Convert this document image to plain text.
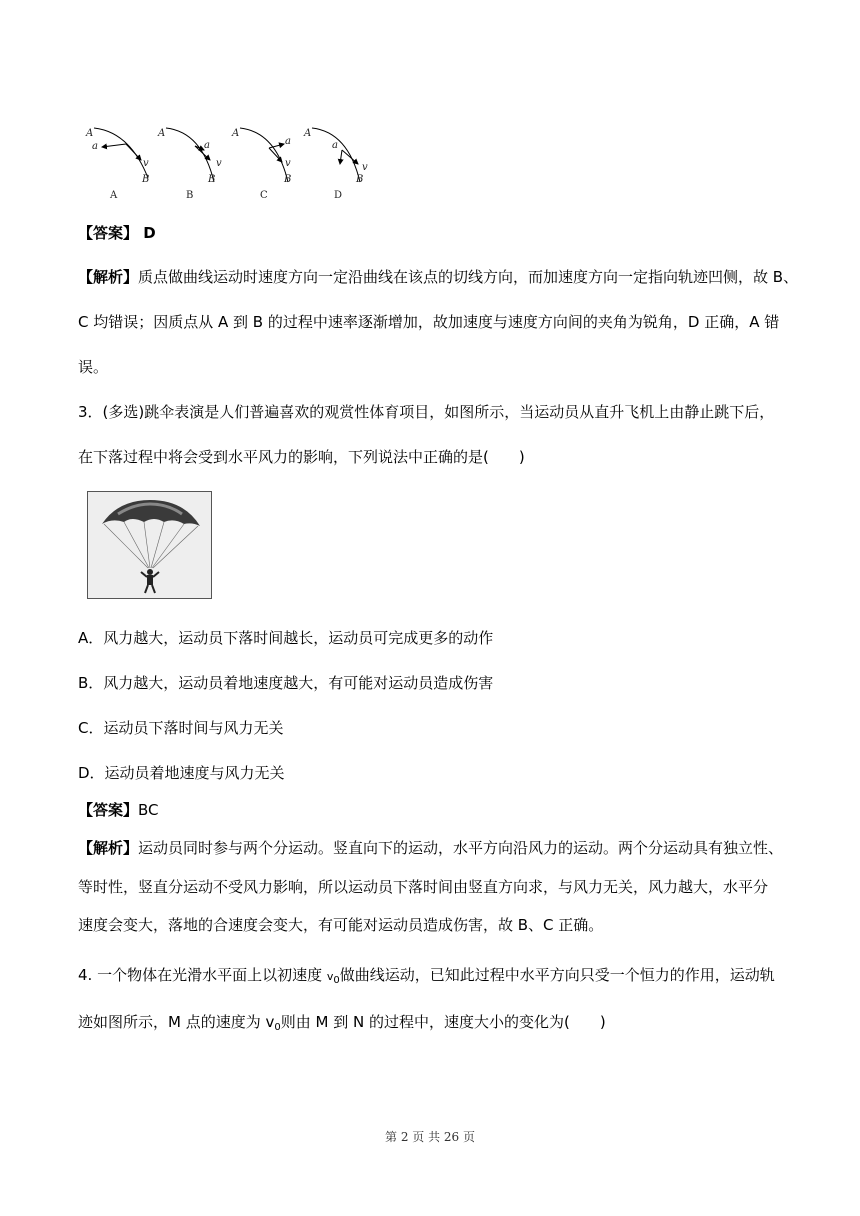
A
a
v
B
A
A
a
v
B
B
A
a
v
B
C
A
a
v
B
D
【答案】 D
【解析】质点做曲线运动时速度方向一定沿曲线在该点的切线方向，而加速度方向一定指向轨迹凹侧，故 B、
C 均错误；因质点从 A 到 B 的过程中速率逐渐增加，故加速度与速度方向间的夹角为锐角，D 正确，A 错
误。
3．(多选)跳伞表演是人们普遍喜欢的观赏性体育项目，如图所示，当运动员从直升飞机上由静止跳下后，
在下落过程中将会受到水平风力的影响，下列说法中正确的是(　　)
A．风力越大，运动员下落时间越长，运动员可完成更多的动作
B．风力越大，运动员着地速度越大，有可能对运动员造成伤害
C．运动员下落时间与风力无关
D．运动员着地速度与风力无关
【答案】BC
【解析】运动员同时参与两个分运动。竖直向下的运动，水平方向沿风力的运动。两个分运动具有独立性、
等时性，竖直分运动不受风力影响，所以运动员下落时间由竖直方向求，与风力无关，风力越大，水平分
速度会变大，落地的合速度会变大，有可能对运动员造成伤害，故 B、C 正确。
4. 一个物体在光滑水平面上以初速度 $v_0$做曲线运动，已知此过程中水平方向只受一个恒力的作用，运动轨
迹如图所示，M 点的速度为 $v_0$则由 M 到 N 的过程中，速度大小的变化为(　　)
第 2 页 共 26 页
